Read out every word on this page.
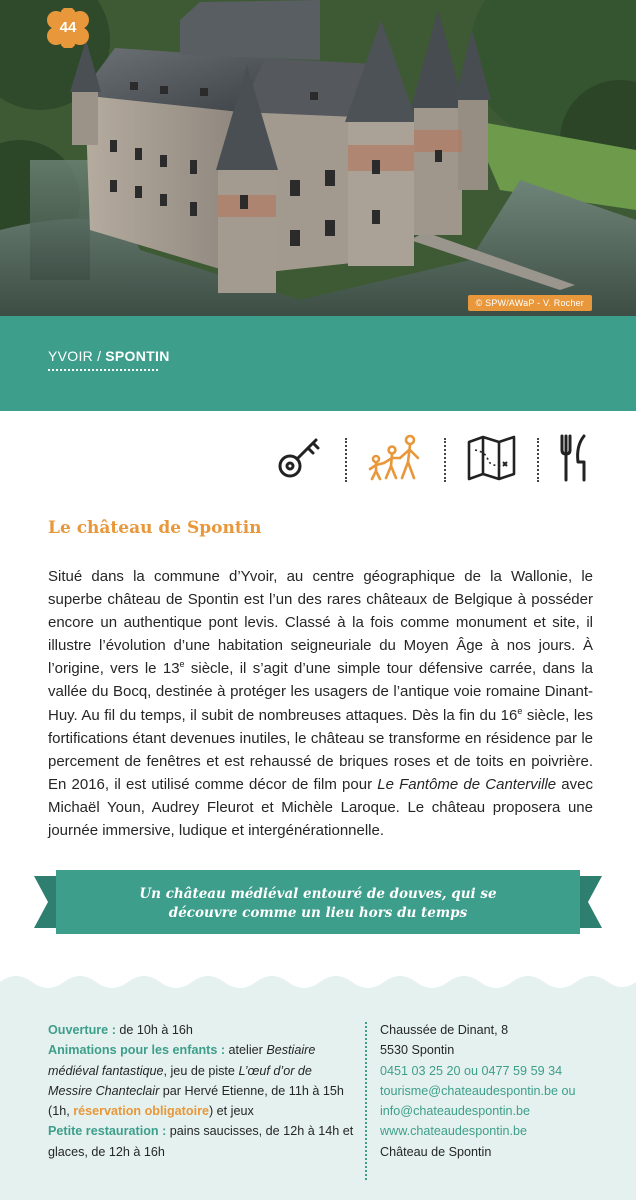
44
© SPW/AWaP - V. Rocher
YVOIR / SPONTIN
Le château de Spontin

Situé dans la commune d’Yvoir, au centre géographique de la Wallonie, le superbe château de Spontin est l’un des rares châteaux de Belgique à posséder encore un authentique pont levis. Classé à la fois comme monument et site, il illustre l’évolution d’une habitation seigneuriale du Moyen Âge à nos jours. À l’origine, vers le 13e siècle, il s’agit d’une simple tour défensive carrée, dans la vallée du Bocq, destinée à protéger les usagers de l’antique voie romaine Dinant-Huy. Au fil du temps, il subit de nombreuses attaques. Dès la fin du 16e siècle, les fortifications étant devenues inutiles, le château se transforme en résidence par le percement de fenêtres et est rehaussé de briques roses et de toits en poivrière. En 2016, il est utilisé comme décor de film pour Le Fantôme de Canterville avec Michaël Youn, Audrey Fleurot et Michèle Laroque. Le château proposera une journée immersive, ludique et intergénérationnelle.

Un château médiéval entouré de douves, qui se
découvre comme un lieu hors du temps
Ouverture : de 10h à 16h
Animations pour les enfants : atelier Bestiaire médiéval fantastique, jeu de piste L’œuf d’or de Messire Chanteclair par Hervé Etienne, de 11h à 15h (1h, réservation obligatoire) et jeux
Petite restauration : pains saucisses, de 12h à 14h et glaces, de 12h à 16h
Chaussée de Dinant, 8
5530 Spontin
0451 03 25 20 ou 0477 59 59 34
tourisme@chateaudespontin.be ou
info@chateaudespontin.be
www.chateaudespontin.be
Château de Spontin
